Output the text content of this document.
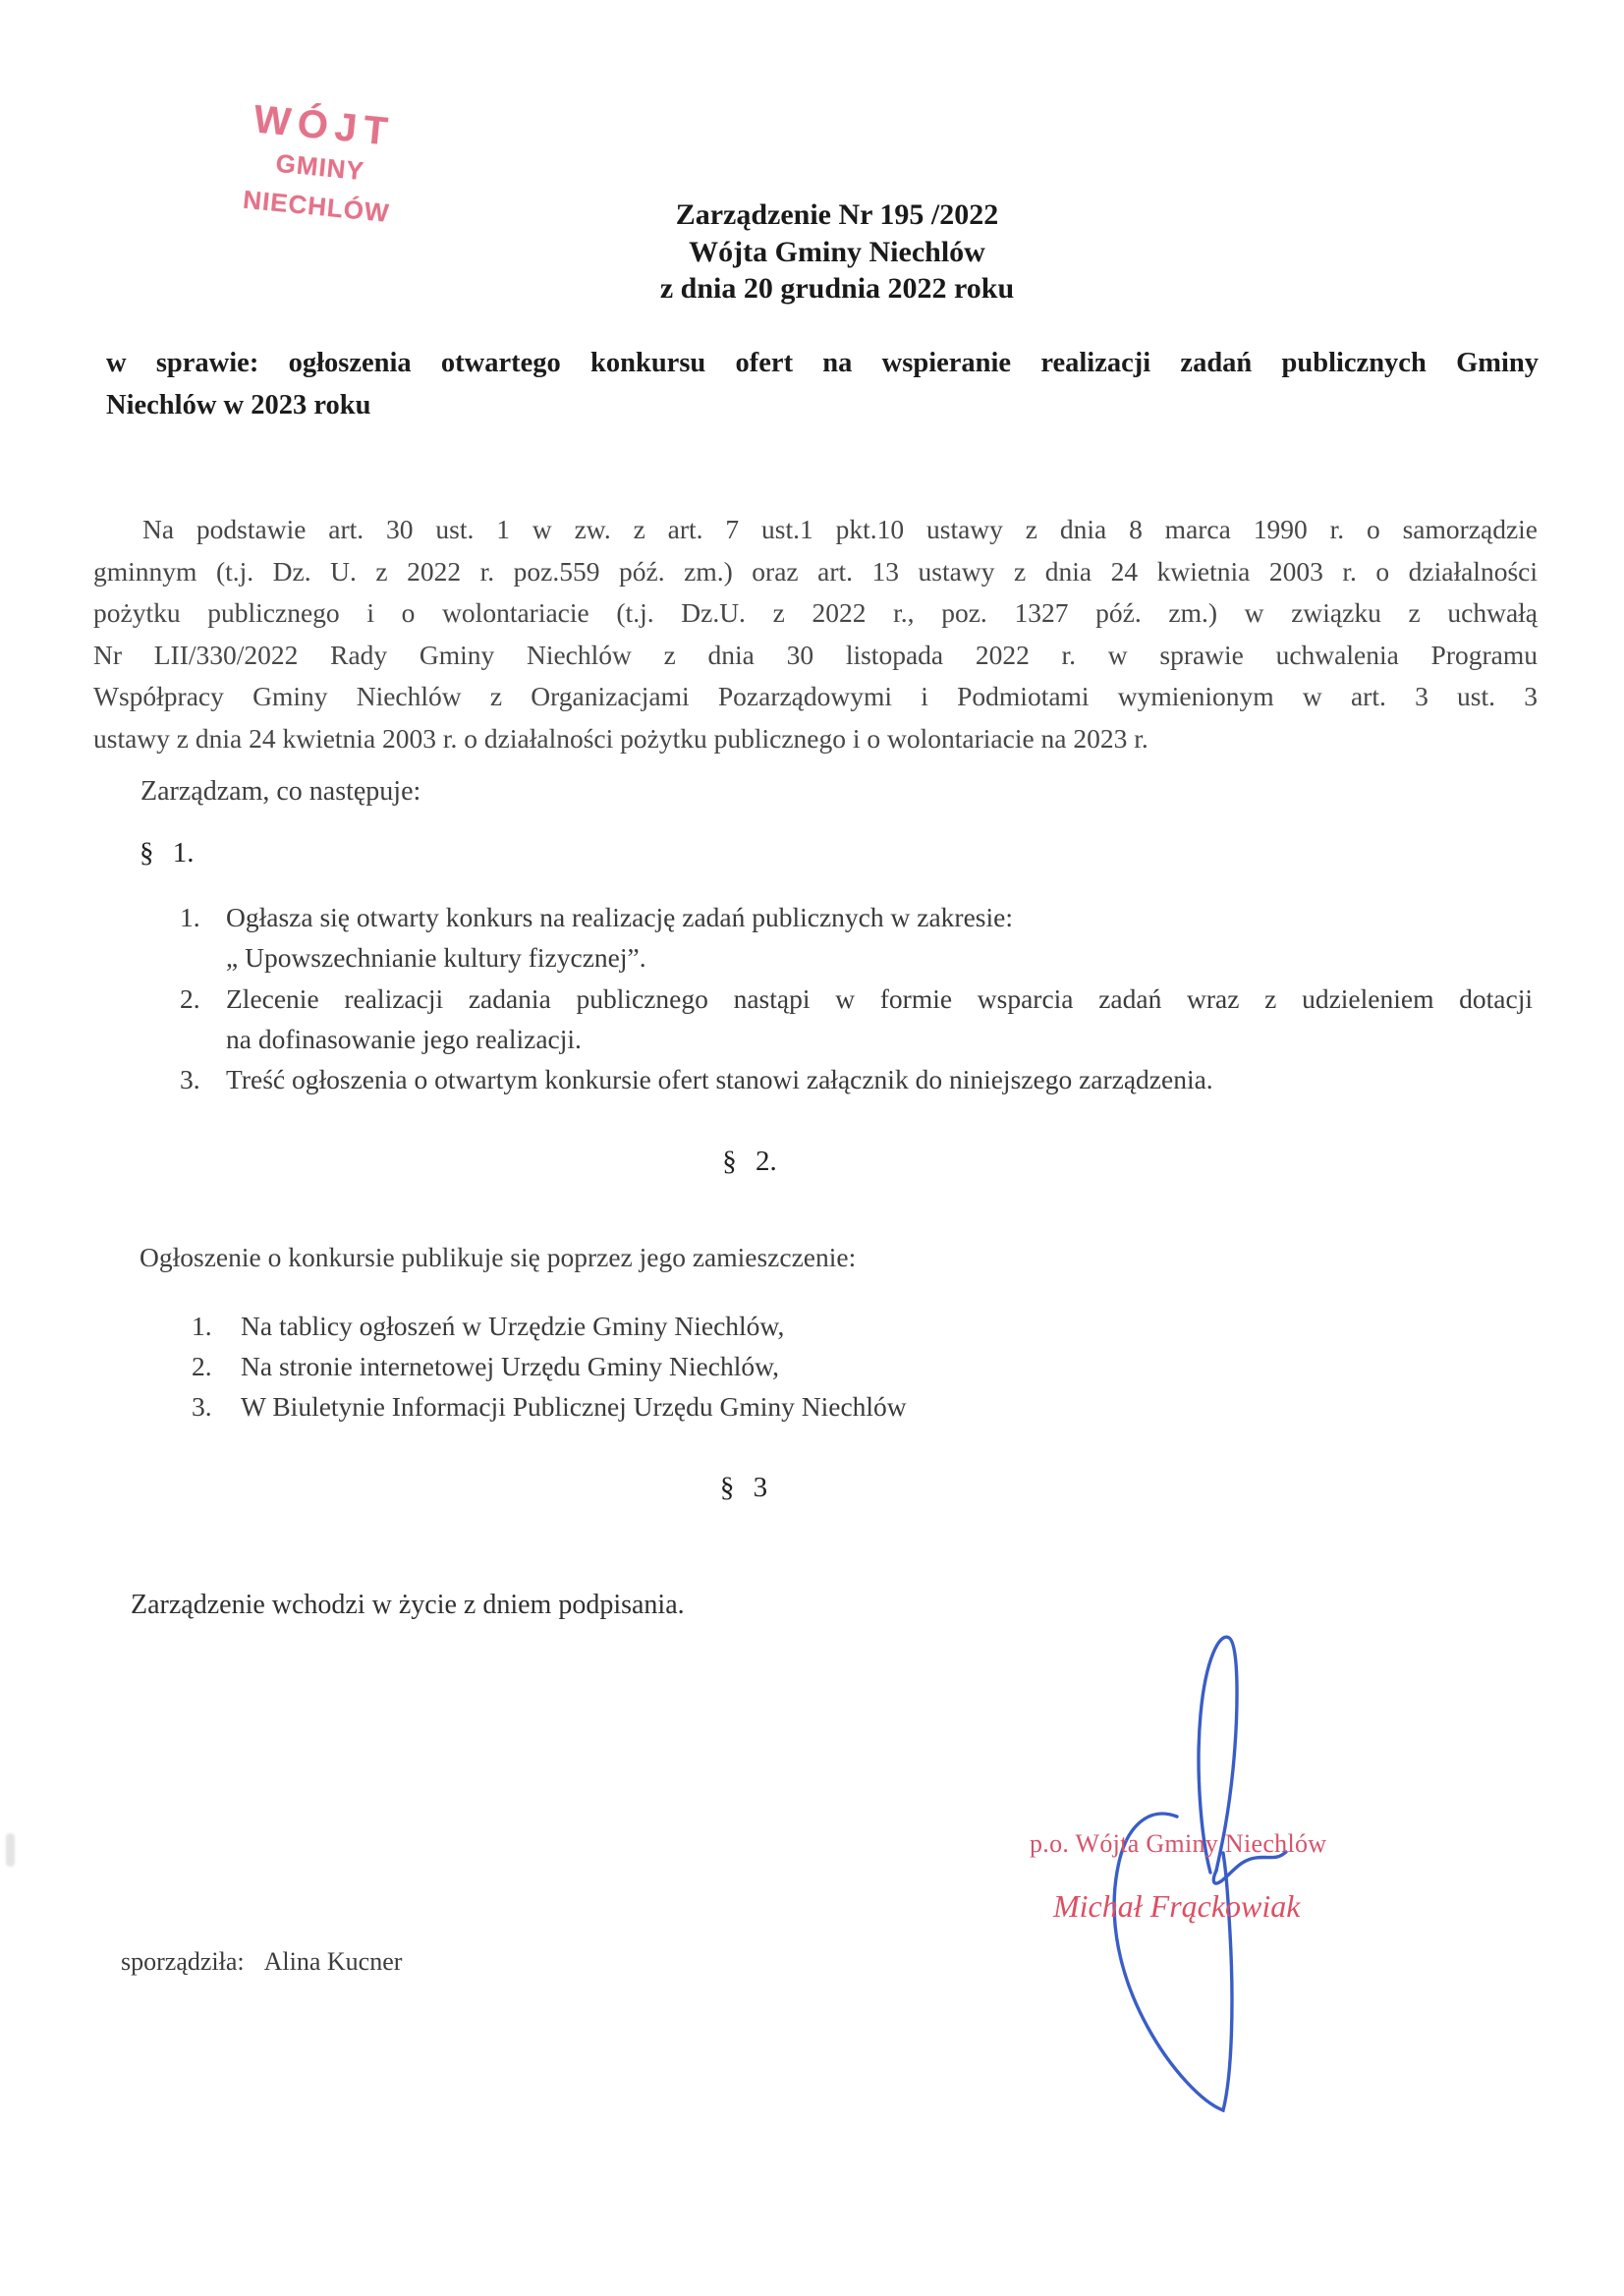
WÓJT
GMINY NIECHLÓW	Zarządzenie Nr 195 /2022
Wójta Gminy Niechlów
z dnia 20 grudnia 2022 roku
w sprawie: ogłoszenia otwartego konkursu ofert na wspieranie realizacji zadań publicznych Gminy
Niechlów w 2023 roku
Na podstawie art. 30 ust. 1 w zw. z art. 7 ust.1 pkt.10 ustawy z dnia 8 marca 1990 r. o samorządzie
gminnym (t.j. Dz. U. z 2022 r. poz.559 póź. zm.) oraz art. 13 ustawy z dnia 24 kwietnia 2003 r. o działalności
pożytku publicznego i o wolontariacie (t.j. Dz.U. z 2022 r., poz. 1327 póź. zm.) w związku z uchwałą
Nr LII/330/2022 Rady Gminy Niechlów z dnia 30 listopada 2022 r. w sprawie uchwalenia Programu
Współpracy Gminy Niechlów z Organizacjami Pozarządowymi i Podmiotami wymienionym w art. 3 ust. 3
ustawy z dnia 24 kwietnia 2003 r. o działalności pożytku publicznego i o wolontariacie na 2023 r.
Zarządzam, co następuje:
§ 1.
1. Ogłasza się otwarty konkurs na realizację zadań publicznych w zakresie:
„ Upowszechnianie kultury fizycznej”.
2. Zlecenie realizacji zadania publicznego nastąpi w formie wsparcia zadań wraz z udzieleniem dotacji
na dofinasowanie jego realizacji.
3. Treść ogłoszenia o otwartym konkursie ofert stanowi załącznik do niniejszego zarządzenia.
§ 2.
Ogłoszenie o konkursie publikuje się poprzez jego zamieszczenie:
1.	Na tablicy ogłoszeń w Urzędzie Gminy Niechlów,
2.	Na stronie internetowej Urzędu Gminy Niechlów,
3.	W Biuletynie Informacji Publicznej Urzędu Gminy Niechlów
§ 3
Zarządzenie wchodzi w życie z dniem podpisania.
p.o. Wójta Gminy Niechlów
Michał Frąckowiak
sporządziła: Alina Kucner
